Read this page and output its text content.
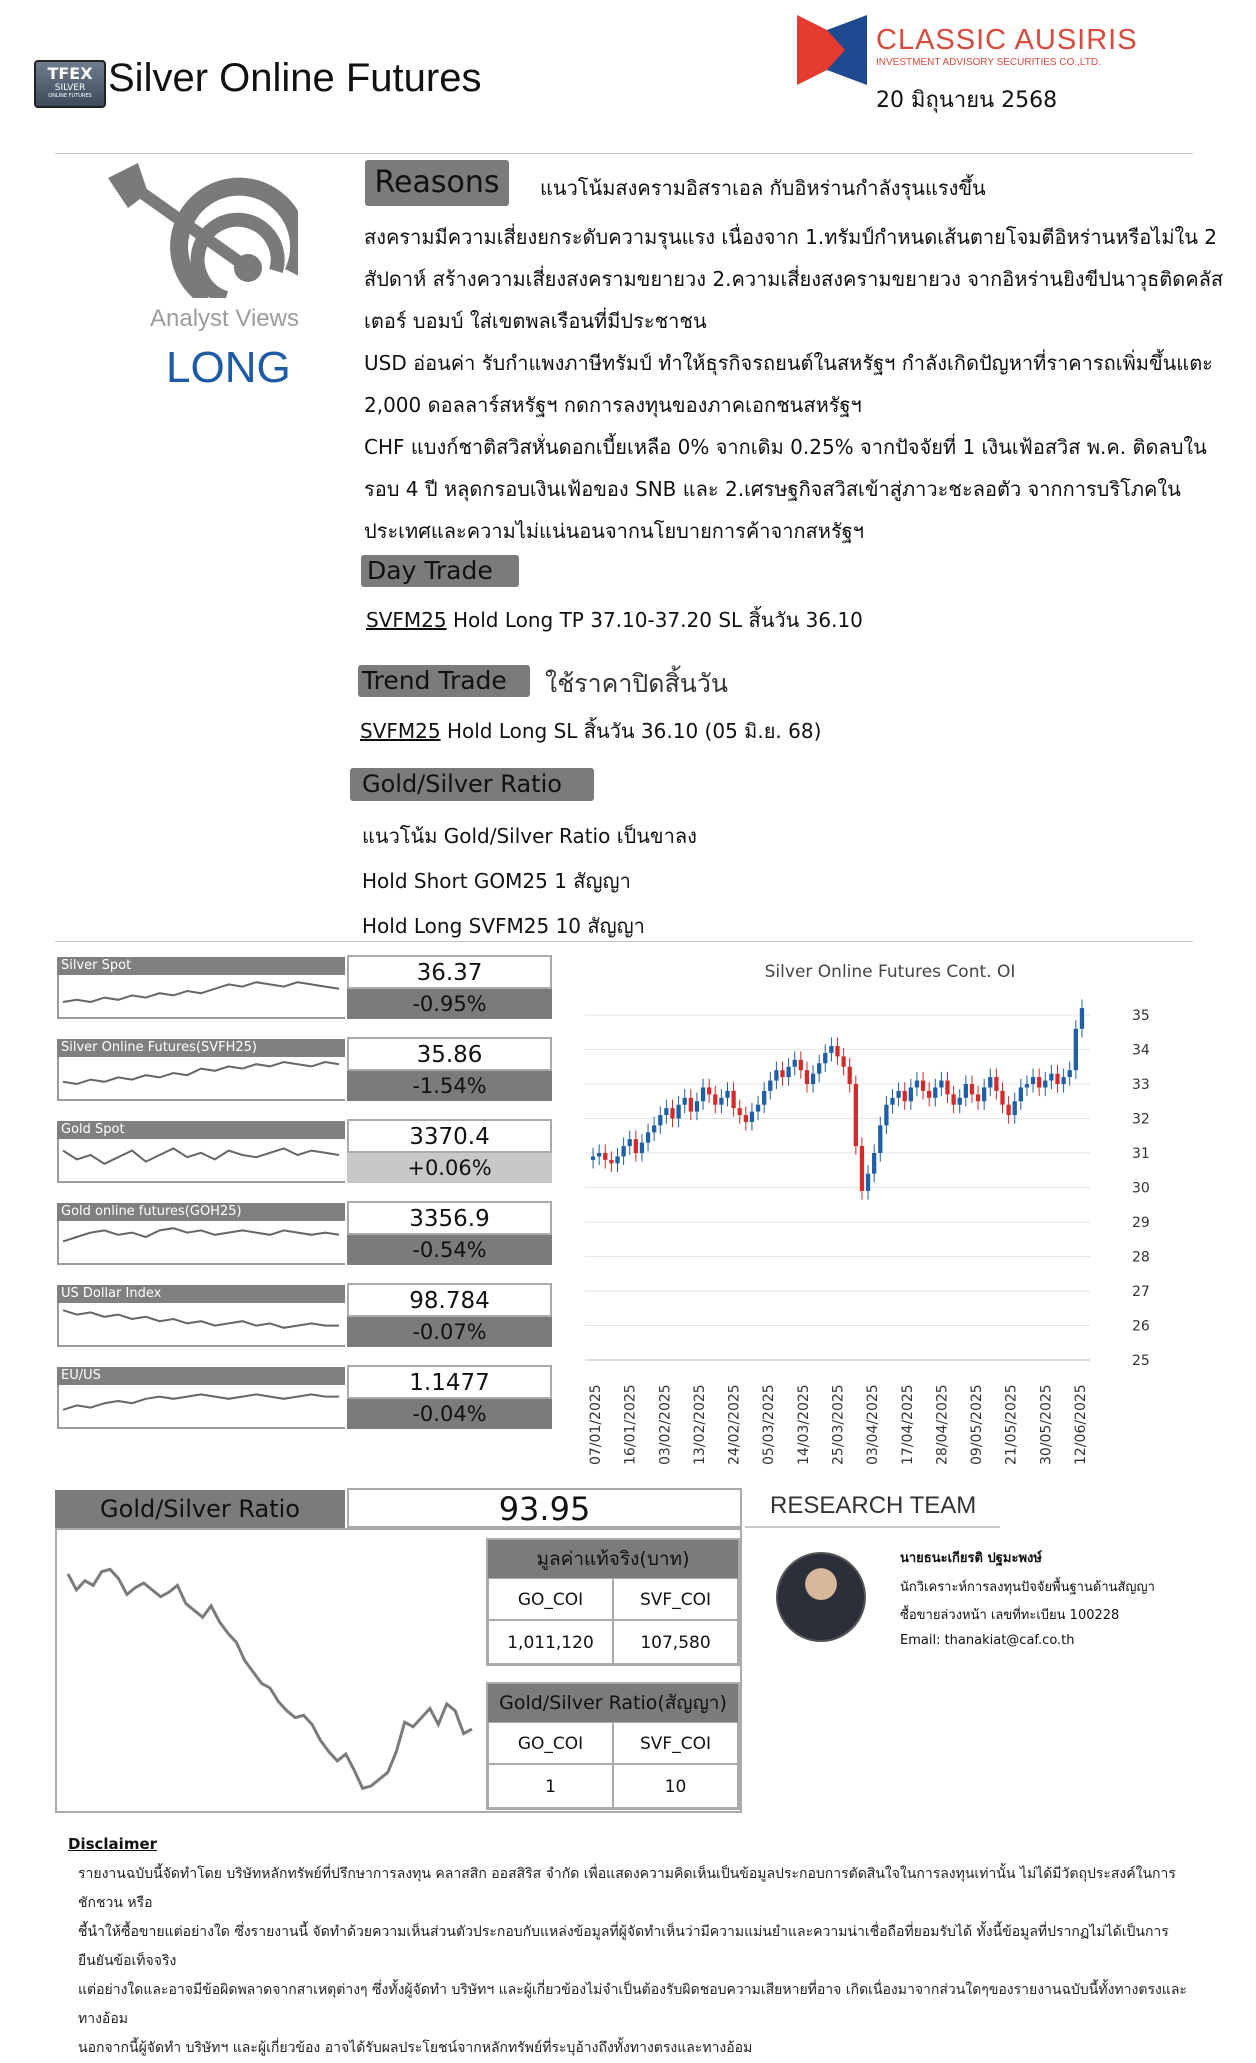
TFEX
SILVER
ONLINE FUTURES Silver Online Futures
CLASSIC AUSIRIS
INVESTMENT ADVISORY SECURITIES CO.,LTD.
20 มิถุนายน 2568
Analyst Views
LONG
Reasons	แนวโน้มสงครามอิสราเอล กับอิหร่านกำลังรุนแรงขึ้น
สงครามมีความเสี่ยงยกระดับความรุนแรง เนื่องจาก 1.ทรัมป์กำหนดเส้นตายโจมตีอิหร่านหรือไม่ใน 2
สัปดาห์ สร้างความเสี่ยงสงครามขยายวง 2.ความเสี่ยงสงครามขยายวง จากอิหร่านยิงขีปนาวุธติดคลัส
เตอร์ บอมบ์ ใส่เขตพลเรือนที่มีประชาชน
USD อ่อนค่า รับกำแพงภาษีทรัมป์ ทำให้ธุรกิจรถยนต์ในสหรัฐฯ กำลังเกิดปัญหาที่ราคารถเพิ่มขึ้นแตะ
2,000 ดอลลาร์สหรัฐฯ กดการลงทุนของภาคเอกชนสหรัฐฯ
CHF แบงก์ชาติสวิสหั่นดอกเบี้ยเหลือ 0% จากเดิม 0.25% จากปัจจัยที่ 1 เงินเฟ้อสวิส พ.ค. ติดลบใน
รอบ 4 ปี หลุดกรอบเงินเฟ้อของ SNB และ 2.เศรษฐกิจสวิสเข้าสู่ภาวะชะลอตัว จากการบริโภคใน
ประเทศและความไม่แน่นอนจากนโยบายการค้าจากสหรัฐฯ
Day Trade
SVFM25 Hold Long TP 37.10-37.20 SL สิ้นวัน 36.10
Trend Trade	ใช้ราคาปิดสิ้นวัน
SVFM25 Hold Long SL สิ้นวัน 36.10 (05 มิ.ย. 68)
Gold/Silver Ratio
แนวโน้ม Gold/Silver Ratio เป็นขาลง
Hold Short GOM25 1 สัญญา
Hold Long SVFM25 10 สัญญา
Silver Spot	36.37
-0.95%
Silver Online Futures(SVFH25)	35.86
-1.54%
Gold Spot	3370.4
+0.06%
Gold online futures(GOH25)	3356.9
-0.54%
US Dollar Index	98.784
-0.07%
EU/US	1.1477
-0.04%
Silver Online Futures Cont. OI
25
26
27
28
29
30
31
32
33
34
35
07/01/2025 16/01/2025 03/02/2025 13/02/2025 24/02/2025 05/03/2025 14/03/2025 25/03/2025 03/04/2025 17/04/2025 28/04/2025 09/05/2025 21/05/2025 30/05/2025 12/06/2025
Gold/Silver Ratio	93.95
มูลค่าแท้จริง(บาท)
GO_COI	SVF_COI
1,011,120	107,580
Gold/Silver Ratio(สัญญา)
GO_COI	SVF_COI
1	10
RESEARCH TEAM
นายธนะเกียรติ ปฐมะพงษ์
นักวิเคราะห์การลงทุนปัจจัยพื้นฐานด้านสัญญา
ซื้อขายล่วงหน้า เลขที่ทะเบียน 100228
Email: thanakiat@caf.co.th
Disclaimer
รายงานฉบับนี้จัดทำโดย บริษัทหลักทรัพย์ที่ปรึกษาการลงทุน คลาสสิก ออสสิริส จำกัด เพื่อแสดงความคิดเห็นเป็นข้อมูลประกอบการตัดสินใจในการลงทุนเท่านั้น ไม่ได้มีวัตถุประสงค์ในการชักชวน หรือ
ชี้นำให้ซื้อขายแต่อย่างใด ซึ่งรายงานนี้ จัดทำด้วยความเห็นส่วนตัวประกอบกับแหล่งข้อมูลที่ผู้จัดทำเห็นว่ามีความแม่นยำและความน่าเชื่อถือที่ยอมรับได้ ทั้งนี้ข้อมูลที่ปรากฏไม่ได้เป็นการยืนยันข้อเท็จจริง
แต่อย่างใดและอาจมีข้อผิดพลาดจากสาเหตุต่างๆ ซึ่งทั้งผู้จัดทำ บริษัทฯ และผู้เกี่ยวข้องไม่จำเป็นต้องรับผิดชอบความเสียหายที่อาจ เกิดเนื่องมาจากส่วนใดๆของรายงานฉบับนี้ทั้งทางตรงและทางอ้อม
นอกจากนี้ผู้จัดทำ บริษัทฯ และผู้เกี่ยวข้อง อาจได้รับผลประโยชน์จากหลักทรัพย์ที่ระบุอ้างถึงทั้งทางตรงและทางอ้อม
